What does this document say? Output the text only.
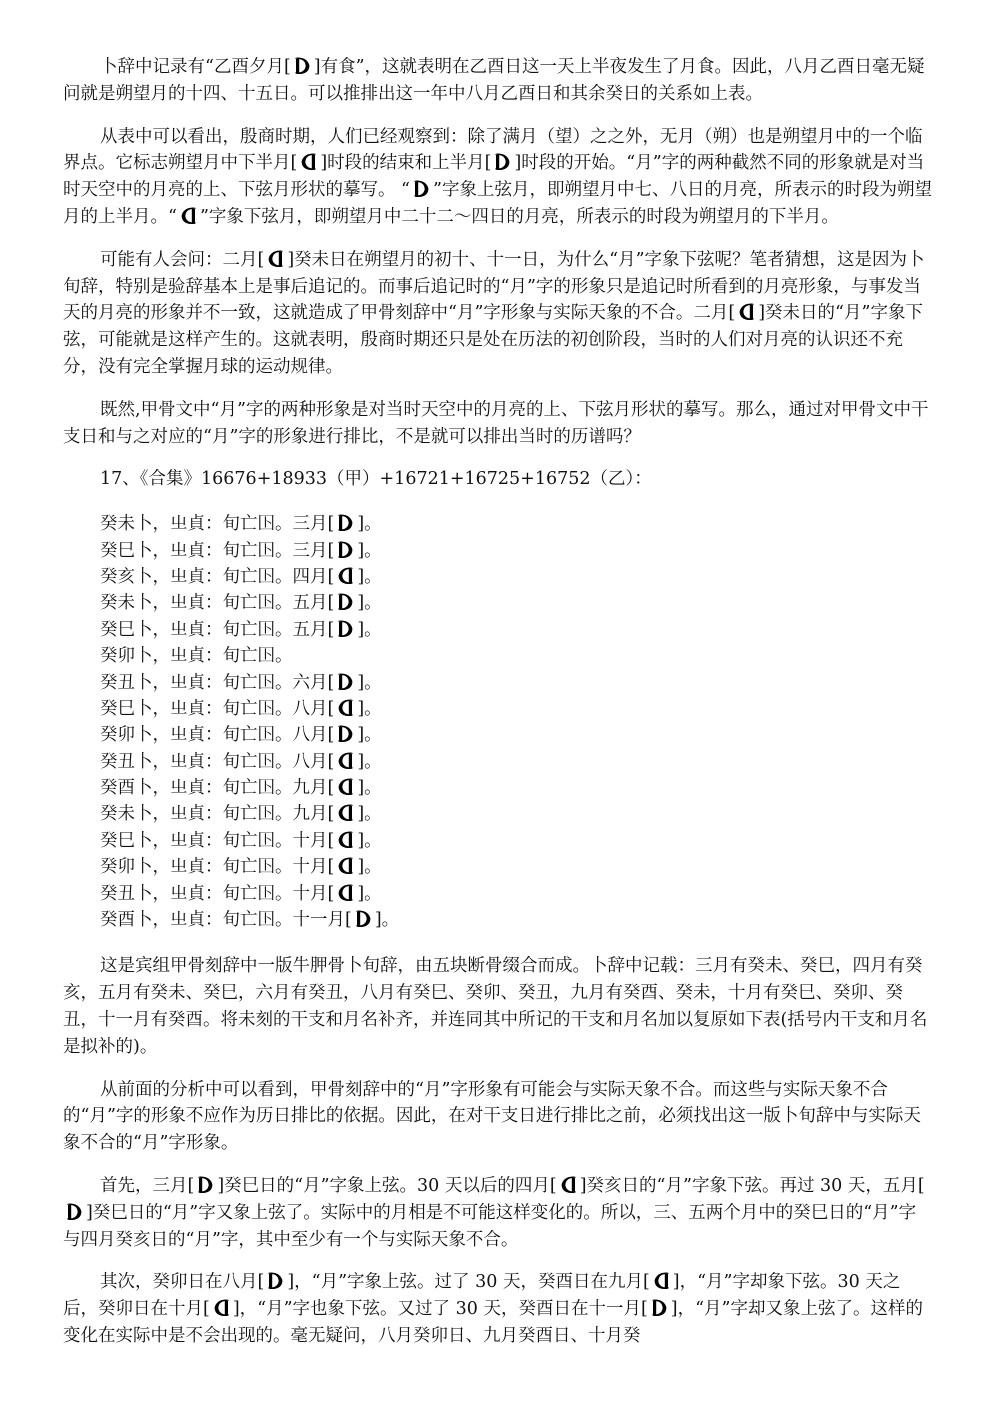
卜辞中记录有“乙酉夕月[ ]有食”，这就表明在乙酉日这一天上半夜发生了月食。因此，八月乙酉日毫无疑问就是朔望月的十四、十五日。可以推排出这一年中八月乙酉日和其余癸日的关系如上表。

从表中可以看出，殷商时期，人们已经观察到：除了满月（望）之之外，无月（朔）也是朔望月中的一个临界点。它标志朔望月中下半月[ ]时段的结束和上半月[ ]时段的开始。“月”字的两种截然不同的形象就是对当时天空中的月亮的上、下弦月形状的摹写。 “ ”字象上弦月，即朔望月中七、八日的月亮，所表示的时段为朔望月的上半月。“ ”字象下弦月，即朔望月中二十二～四日的月亮，所表示的时段为朔望月的下半月。

可能有人会问：二月[ ]癸未日在朔望月的初十、十一日，为什么“月”字象下弦呢？笔者猜想，这是因为卜旬辞，特别是验辞基本上是事后追记的。而事后追记时的“月”字的形象只是追记时所看到的月亮形象，与事发当天的月亮的形象并不一致，这就造成了甲骨刻辞中“月”字形象与实际天象的不合。二月[ ]癸未日的“月”字象下弦，可能就是这样产生的。这就表明，殷商时期还只是处在历法的初创阶段，当时的人们对月亮的认识还不充分，没有完全掌握月球的运动规律。

既然,甲骨文中“月”字的两种形象是对当时天空中的月亮的上、下弦月形状的摹写。那么，通过对甲骨文中干支日和与之对应的“月”字的形象进行排比，不是就可以排出当时的历谱吗？

17、《合集》16676+18933（甲）+16721+16725+16752（乙）：

癸未卜，㞢貞：旬亡𡆥。三月[ ]。
癸巳卜，㞢貞：旬亡𡆥。三月[ ]。
癸亥卜，㞢貞：旬亡𡆥。四月[ ]。
癸未卜，㞢貞：旬亡𡆥。五月[ ]。
癸巳卜，㞢貞：旬亡𡆥。五月[ ]。
癸卯卜，㞢貞：旬亡𡆥。
癸丑卜，㞢貞：旬亡𡆥。六月[ ]。
癸巳卜，㞢貞：旬亡𡆥。八月[ ]。
癸卯卜，㞢貞：旬亡𡆥。八月[ ]。
癸丑卜，㞢貞：旬亡𡆥。八月[ ]。
癸酉卜，㞢貞：旬亡𡆥。九月[ ]。
癸未卜，㞢貞：旬亡𡆥。九月[ ]。
癸巳卜，㞢貞：旬亡𡆥。十月[ ]。
癸卯卜，㞢貞：旬亡𡆥。十月[ ]。
癸丑卜，㞢貞：旬亡𡆥。十月[ ]。
癸酉卜，㞢貞：旬亡𡆥。十一月[ ]。

这是宾组甲骨刻辞中一版牛胛骨卜旬辞，由五块断骨缀合而成。卜辞中记载：三月有癸未、癸巳，四月有癸亥，五月有癸未、癸巳，六月有癸丑，八月有癸巳、癸卯、癸丑，九月有癸酉、癸未，十月有癸巳、癸卯、癸丑，十一月有癸酉。将未刻的干支和月名补齐，并连同其中所记的干支和月名加以复原如下表(括号内干支和月名是拟补的)。

从前面的分析中可以看到，甲骨刻辞中的“月”字形象有可能会与实际天象不合。而这些与实际天象不合的“月”字的形象不应作为历日排比的依据。因此，在对干支日进行排比之前，必须找出这一版卜旬辞中与实际天象不合的“月”字形象。

首先，三月[ ]癸巳日的“月”字象上弦。30 天以后的四月[ ]癸亥日的“月”字象下弦。再过 30 天，五月[
]癸巳日的“月”字又象上弦了。实际中的月相是不可能这样变化的。所以，三、五两个月中的癸巳日的“月”字与四月癸亥日的“月”字，其中至少有一个与实际天象不合。

其次，癸卯日在八月[ ]，“月”字象上弦。过了 30 天，癸酉日在九月[ ]，“月”字却象下弦。30 天之后，癸卯日在十月[ ]，“月”字也象下弦。又过了 30 天，癸酉日在十一月[ ]，“月”字却又象上弦了。这样的变化在实际中是不会出现的。毫无疑问，八月癸卯日、九月癸酉日、十月癸
